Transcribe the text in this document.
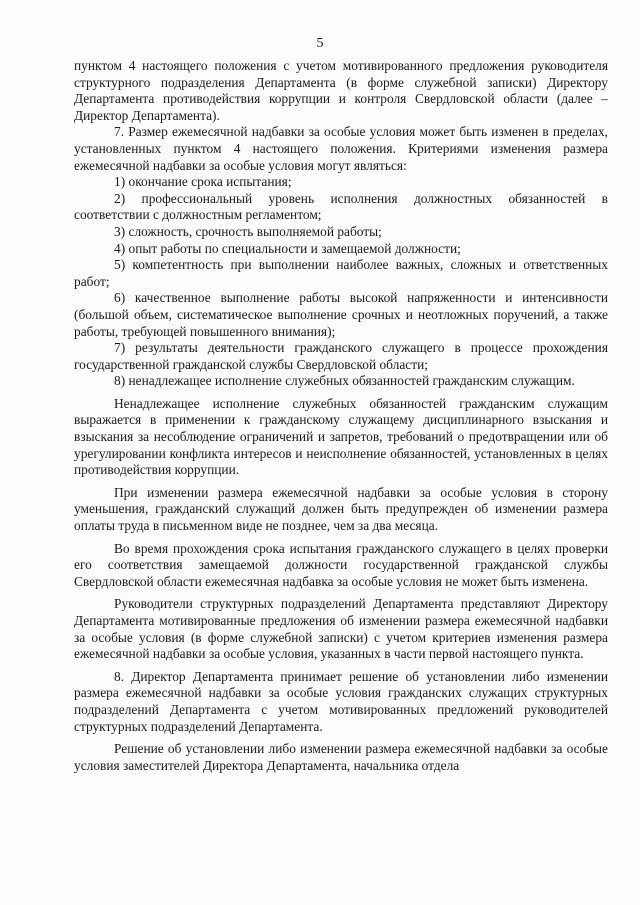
5

пунктом 4 настоящего положения с учетом мотивированного предложения руководителя структурного подразделения Департамента (в форме служебной записки) Директору Департамента противодействия коррупции и контроля Свердловской области (далее – Директор Департамента).

7. Размер ежемесячной надбавки за особые условия может быть изменен в пределах, установленных пунктом 4 настоящего положения. Критериями изменения размера ежемесячной надбавки за особые условия могут являться:

1) окончание срока испытания;

2) профессиональный уровень исполнения должностных обязанностей в соответствии с должностным регламентом;

3) сложность, срочность выполняемой работы;

4) опыт работы по специальности и замещаемой должности;

5) компетентность при выполнении наиболее важных, сложных и ответственных работ;

6) качественное выполнение работы высокой напряженности и интенсивности (большой объем, систематическое выполнение срочных и неотложных поручений, а также работы, требующей повышенного внимания);

7) результаты деятельности гражданского служащего в процессе прохождения государственной гражданской службы Свердловской области;

8) ненадлежащее исполнение служебных обязанностей гражданским служащим.

Ненадлежащее исполнение служебных обязанностей гражданским служащим выражается в применении к гражданскому служащему дисциплинарного взыскания и взыскания за несоблюдение ограничений и запретов, требований о предотвращении или об урегулировании конфликта интересов и неисполнение обязанностей, установленных в целях противодействия коррупции.

При изменении размера ежемесячной надбавки за особые условия в сторону уменьшения, гражданский служащий должен быть предупрежден об изменении размера оплаты труда в письменном виде не позднее, чем за два месяца.

Во время прохождения срока испытания гражданского служащего в целях проверки его соответствия замещаемой должности государственной гражданской службы Свердловской области ежемесячная надбавка за особые условия не может быть изменена.

Руководители структурных подразделений Департамента представляют Директору Департамента мотивированные предложения об изменении размера ежемесячной надбавки за особые условия (в форме служебной записки) с учетом критериев изменения размера ежемесячной надбавки за особые условия, указанных в части первой настоящего пункта.

8. Директор Департамента принимает решение об установлении либо изменении размера ежемесячной надбавки за особые условия гражданских служащих структурных подразделений Департамента с учетом мотивированных предложений руководителей структурных подразделений Департамента.

Решение об установлении либо изменении размера ежемесячной надбавки за особые условия заместителей Директора Департамента, начальника отдела
